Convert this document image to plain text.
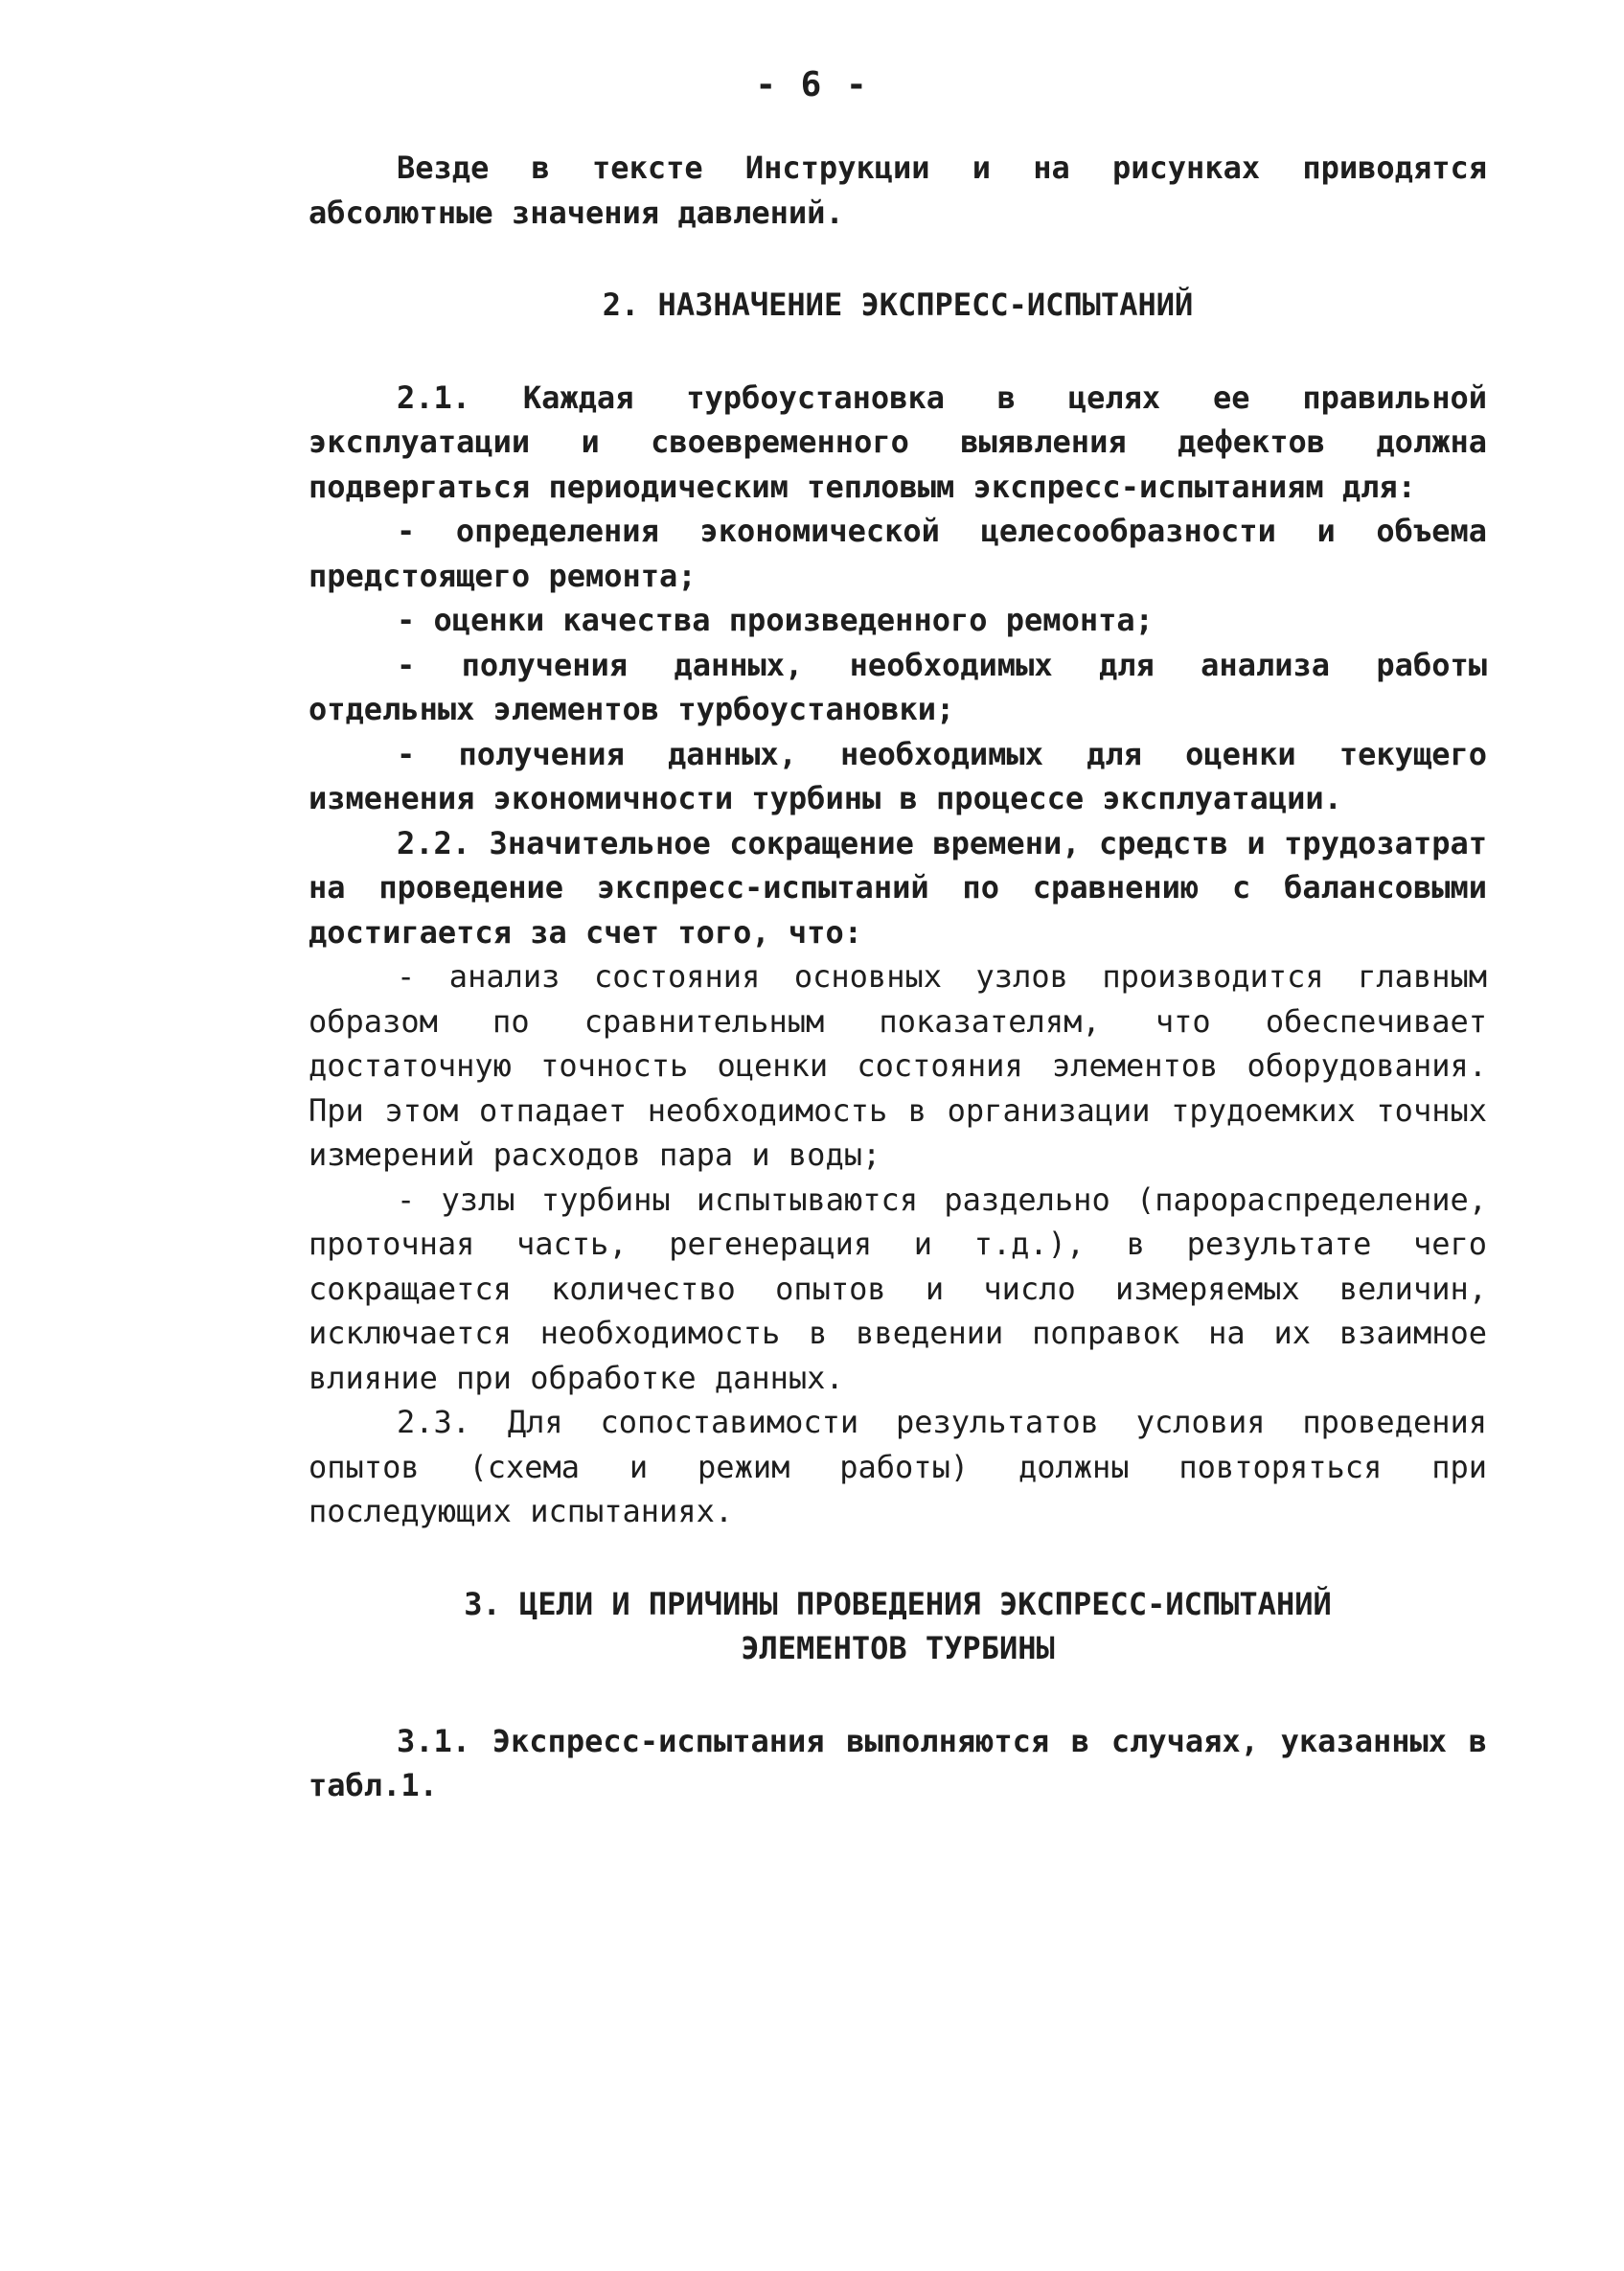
- 6 -

Везде в тексте Инструкции и на рисунках приводятся абсолютные значения давлений.

2. НАЗНАЧЕНИЕ ЭКСПРЕСС-ИСПЫТАНИЙ

2.1. Каждая турбоустановка в целях ее правильной эксплуатации и своевременного выявления дефектов должна подвергаться периодическим тепловым экспресс-испытаниям для:

- определения экономической целесообразности и объема предстоящего ремонта;

- оценки качества произведенного ремонта;

- получения данных, необходимых для анализа работы отдельных элементов турбоустановки;

- получения данных, необходимых для оценки текущего изменения экономичности турбины в процессе эксплуатации.

2.2. Значительное сокращение времени, средств и трудозатрат на проведение экспресс-испытаний по сравнению с балансовыми достигается за счет того, что:

- анализ состояния основных узлов производится главным образом по сравнительным показателям, что обеспечивает достаточную точность оценки состояния элементов оборудования. При этом отпадает необходимость в организации трудоемких точных измерений расходов пара и воды;

- узлы турбины испытываются раздельно (парораспределение, проточная часть, регенерация и т.д.), в результате чего сокращается количество опытов и число измеряемых величин, исключается необходимость в введении поправок на их взаимное влияние при обработке данных.

2.3. Для сопоставимости результатов условия проведения опытов (схема и режим работы) должны повторяться при последующих испытаниях.

3. ЦЕЛИ И ПРИЧИНЫ ПРОВЕДЕНИЯ ЭКСПРЕСС-ИСПЫТАНИЙ
ЭЛЕМЕНТОВ ТУРБИНЫ

3.1. Экспресс-испытания выполняются в случаях, указанных в табл.1.
